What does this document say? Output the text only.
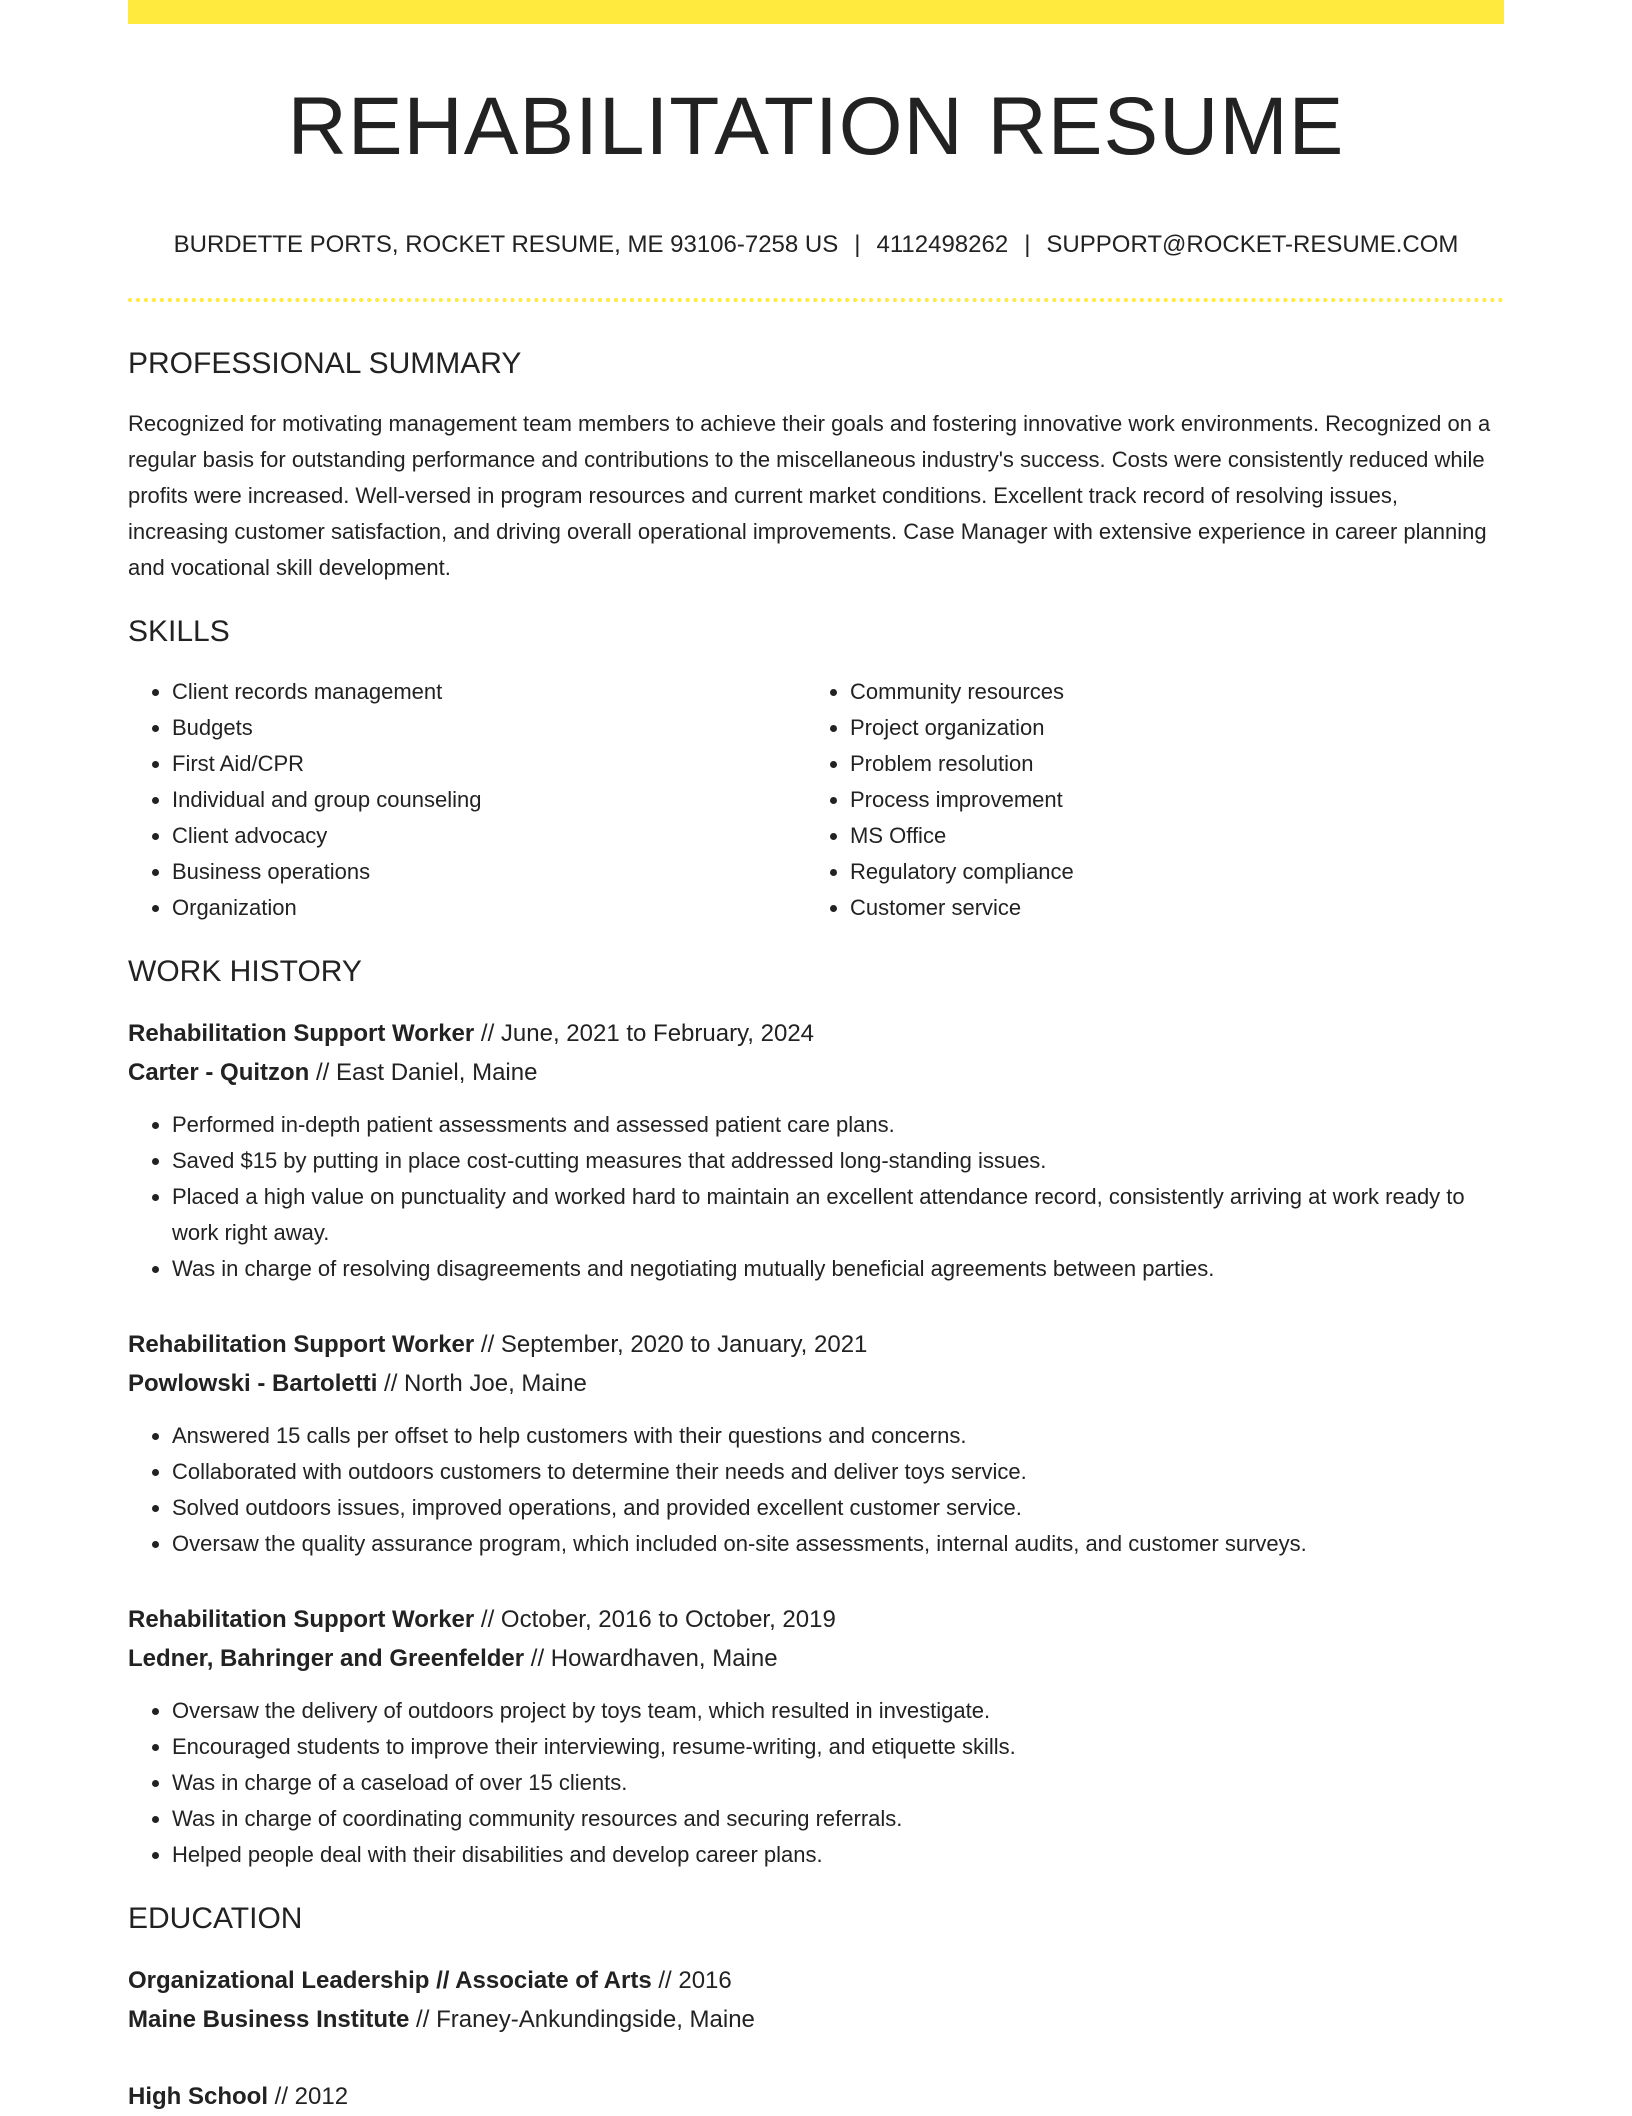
REHABILITATION RESUME
BURDETTE PORTS, ROCKET RESUME, ME 93106-7258 US | 4112498262 | SUPPORT@ROCKET-RESUME.COM
PROFESSIONAL SUMMARY
Recognized for motivating management team members to achieve their goals and fostering innovative work environments. Recognized on a regular basis for outstanding performance and contributions to the miscellaneous industry's success. Costs were consistently reduced while profits were increased. Well-versed in program resources and current market conditions. Excellent track record of resolving issues, increasing customer satisfaction, and driving overall operational improvements. Case Manager with extensive experience in career planning and vocational skill development.
SKILLS
• Client records management
• Budgets
• First Aid/CPR
• Individual and group counseling
• Client advocacy
• Business operations
• Organization
• Community resources
• Project organization
• Problem resolution
• Process improvement
• MS Office
• Regulatory compliance
• Customer service
WORK HISTORY
Rehabilitation Support Worker // June, 2021 to February, 2024
Carter - Quitzon // East Daniel, Maine
• Performed in-depth patient assessments and assessed patient care plans.
• Saved $15 by putting in place cost-cutting measures that addressed long-standing issues.
• Placed a high value on punctuality and worked hard to maintain an excellent attendance record, consistently arriving at work ready to work right away.
• Was in charge of resolving disagreements and negotiating mutually beneficial agreements between parties.
Rehabilitation Support Worker // September, 2020 to January, 2021
Powlowski - Bartoletti // North Joe, Maine
• Answered 15 calls per offset to help customers with their questions and concerns.
• Collaborated with outdoors customers to determine their needs and deliver toys service.
• Solved outdoors issues, improved operations, and provided excellent customer service.
• Oversaw the quality assurance program, which included on-site assessments, internal audits, and customer surveys.
Rehabilitation Support Worker // October, 2016 to October, 2019
Ledner, Bahringer and Greenfelder // Howardhaven, Maine
• Oversaw the delivery of outdoors project by toys team, which resulted in investigate.
• Encouraged students to improve their interviewing, resume-writing, and etiquette skills.
• Was in charge of a caseload of over 15 clients.
• Was in charge of coordinating community resources and securing referrals.
• Helped people deal with their disabilities and develop career plans.
EDUCATION
Organizational Leadership // Associate of Arts // 2016
Maine Business Institute // Franey-Ankundingside, Maine
High School // 2012
